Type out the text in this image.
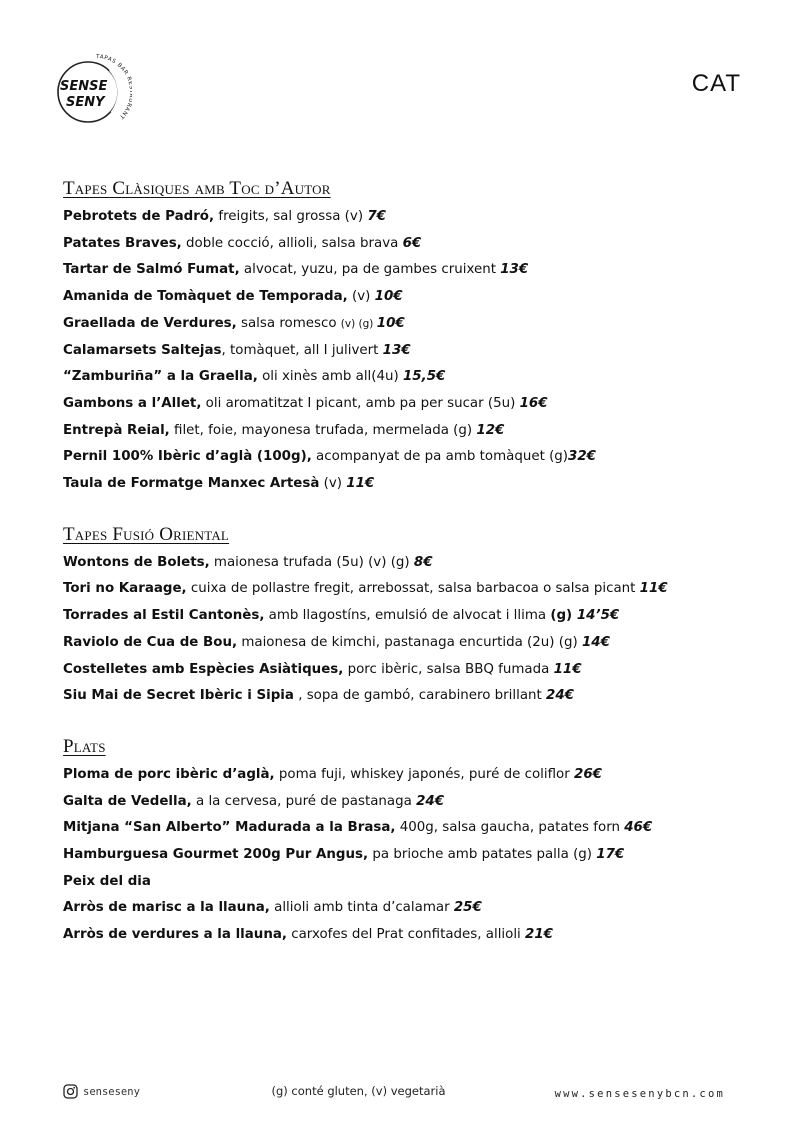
SENSE
SENY
TAPAS BAR R RANT
CAT
Tapes Clàsiques amb Toc d’Autor
Pebrotets de Padró, freigits, sal grossa (v) 7€
Patates Braves, doble cocció, allioli, salsa brava 6€
Tartar de Salmó Fumat, alvocat, yuzu, pa de gambes cruixent 13€
Amanida de Tomàquet de Temporada, (v) 10€
Graellada de Verdures, salsa romesco (v) (g) 10€
Calamarsets Saltejas, tomàquet, all I julivert 13€
“Zamburiña” a la Graella, oli xinès amb all(4u) 15,5€
Gambons a l’Allet, oli aromatitzat I picant, amb pa per sucar (5u) 16€
Entrepà Reial, filet, foie, mayonesa trufada, mermelada (g) 12€
Pernil 100% Ibèric d’aglà (100g), acompanyat de pa amb tomàquet (g)32€
Taula de Formatge Manxec Artesà (v) 11€
Tapes Fusió Oriental
Wontons de Bolets, maionesa trufada (5u) (v) (g) 8€
Tori no Karaage, cuixa de pollastre fregit, arrebossat, salsa barbacoa o salsa picant 11€
Torrades al Estil Cantonès, amb llagostíns, emulsió de alvocat i llima (g) 14’5€
Raviolo de Cua de Bou, maionesa de kimchi, pastanaga encurtida (2u) (g) 14€
Costelletes amb Espècies Asiàtiques, porc ibèric, salsa BBQ fumada 11€
Siu Mai de Secret Ibèric i Sipia , sopa de gambó, carabinero brillant 24€
Plats
Ploma de porc ibèric d’aglà, poma fuji, whiskey japonés, puré de coliflor 26€
Galta de Vedella, a la cervesa, puré de pastanaga 24€
Mitjana “San Alberto” Madurada a la Brasa, 400g, salsa gaucha, patates forn 46€
Hamburguesa Gourmet 200g Pur Angus, pa brioche amb patates palla (g) 17€
Peix del dia
Arròs de marisc a la llauna, allioli amb tinta d’calamar 25€
Arròs de verdures a la llauna, carxofes del Prat confitades, allioli 21€
senseseny	(g) conté gluten, (v) vegetarià	www.sensesenybcn.com
